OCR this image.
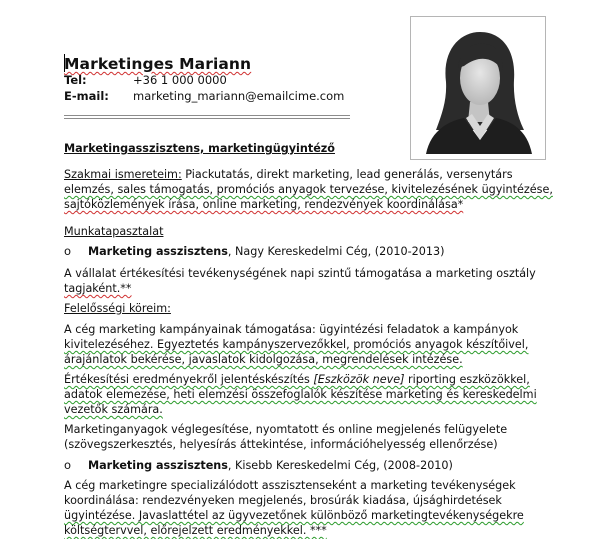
Marketinges Mariann
Tel:	+36 1 000 0000
E-mail: marketing_mariann@emailcime.com
Marketingasszisztens, marketingügyintéző
Szakmai ismereteim: Piackutatás, direkt marketing, lead generálás, versenytárs
elemzés, sales támogatás, promóciós anyagok tervezése, kivitelezésének ügyintézése,
sajtóközlemények írása, online marketing, rendezvények koordinálása*
Munkatapasztalat
o Marketing asszisztens, Nagy Kereskedelmi Cég, (2010-2013)
A vállalat értékesítési tevékenységének napi szintű támogatása a marketing osztály
tagjaként.**
Felelősségi köreim:
A cég marketing kampányainak támogatása: ügyintézési feladatok a kampányok
kivitelezéséhez. Egyeztetés kampányszervezőkkel, promóciós anyagok készítőivel,
árajánlatok bekérése, javaslatok kidolgozása, megrendelések intézése.
Értékesítési eredményekről jelentéskészítés [Eszközök neve] riporting eszközökkel,
adatok elemezése, heti elemzési összefoglalók készítése marketing és kereskedelmi
vezetők számára.
Marketinganyagok véglegesítése, nyomtatott és online megjelenés felügyelete
(szövegszerkesztés, helyesírás áttekintése, információhelyesség ellenőrzése)
o Marketing asszisztens, Kisebb Kereskedelmi Cég, (2008-2010)
A cég marketingre specializálódott asszisztenseként a marketing tevékenységek
koordinálása: rendezvényeken megjelenés, brosúrák kiadása, újsághirdetések
ügyintézése. Javaslattétel az ügyvezetőnek különböző marketingtevékenységekre
költségtervvel, előrejelzett eredményekkel. ***
